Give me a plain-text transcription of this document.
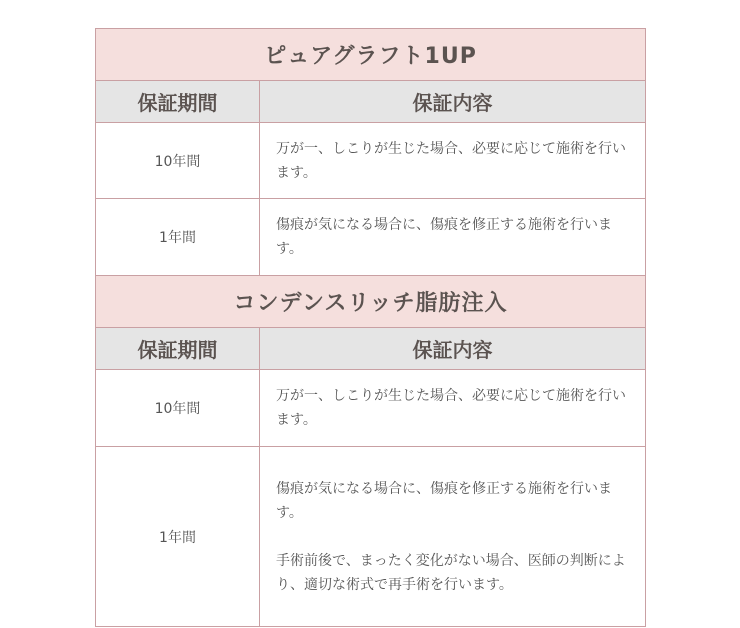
ピュアグラフト1UP	
保証期間	保証内容
10年間	万が一、しこりが生じた場合、必要に応じて施術を行います。

1年間	傷痕が気になる場合に、傷痕を修正する施術を行います。

コンデンスリッチ脂肪注入	
保証期間	保証内容
10年間	万が一、しこりが生じた場合、必要に応じて施術を行います。

1年間	傷痕が気になる場合に、傷痕を修正する施術を行います。
手術前後で、まったく変化がない場合、医師の判断により、適切な術式で再手術を行います。
